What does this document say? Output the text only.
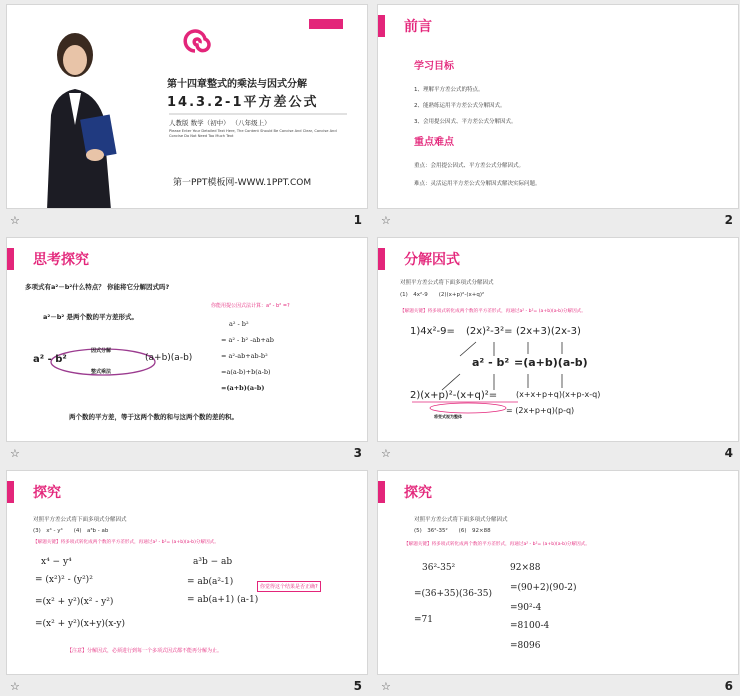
第十四章整式的乘法与因式分解
14.3.2-1平方差公式
人教版 数学（初中） （八年级上）
Please Enter Your Detailed Text Here, The Content Should Be Concise And Clear, Concise And Concise Do Not Need Too Much Text
第一PPT模板网-WWW.1PPT.COM
☆	1
前言
学习目标
1、理解平方差公式的特点。
2、能熟练运用平方差公式分解因式。
3、会用提公因式、平方差公式分解因式。
重点难点
重点：会用提公因式、平方差公式分解因式。
难点：灵活运用平方差公式分解因式解决实际问题。
☆	2
思考探究
多项式有a²－b²什么特点？ 你能将它分解因式吗?
a²－b² 是两个数的平方差形式。
你能用提公因式法计算：a² - b² =?
a² - b²
= a² - b² -ab+ab
= a²-ab+ab-b²
=a(a-b)+b(a-b)
=(a+b)(a-b)
a² - b²	(a+b)(a-b)
因式分解
整式乘法
两个数的平方差，等于这两个数的和与这两个数的差的积。
☆	3
分解因式
对照平方差公式将下面多项式分解因式
(1)　4x²-9　　(2)(x+p)²-(x+q)²
【解题关键】将多项式转化成两个数的平方差形式，再通过a² - b²= (a+b)(a-b)分解因式。
1)4x²-9= (2x)²-3²= (2x+3)(2x-3)
a² - b² =(a+b)(a-b)
2)(x+p)²-(x+q)²= (x+x+p+q)(x+p-x-q)
= (2x+p+q)(p-q)
将变式视为整体
☆	4
探究
对照平方差公式将下面多项式分解因式
(3)　x⁴ - y⁴　　(4)　a³b - ab
【解题关键】将多项式转化成两个数的平方差形式，再通过a² - b²= (a+b)(a-b)分解因式。
x⁴ − y⁴
= (x²)² - (y²)²
=(x² + y²)(x² - y²)
=(x² + y²)(x+y)(x-y)
a³b − ab
= ab(a²-1)
= ab(a+1) (a-1)
你觉得这个结果是否正确?
【注意】分解因式，必须进行到每一个多项式因式都不能再分解为止。
☆	5
探究
对照平方差公式将下面多项式分解因式
(5)　36²-35²　　(6)　92×88
【解题关键】将多项式转化成两个数的平方差形式，再通过a² - b²= (a+b)(a-b)分解因式。
36²-35²
=(36+35)(36-35)
=71
92×88
=(90+2)(90-2)
=90²-4
=8100-4
=8096
☆	6
